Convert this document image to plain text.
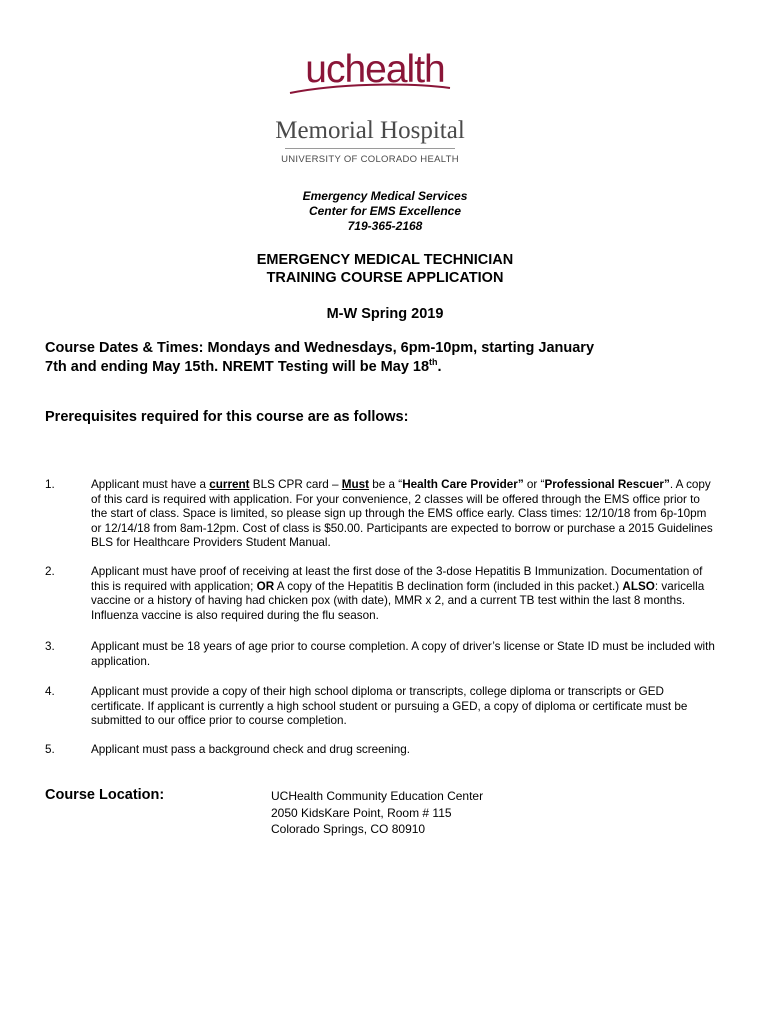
uchealth
Memorial Hospital
UNIVERSITY OF COLORADO HEALTH
Emergency Medical Services
Center for EMS Excellence
719-365-2168
EMERGENCY MEDICAL TECHNICIAN
TRAINING COURSE APPLICATION
M-W Spring 2019
Course Dates & Times: Mondays and Wednesdays, 6pm-10pm, starting January
7th and ending May 15th. NREMT Testing will be May 18th.
Prerequisites required for this course are as follows:
1.	Applicant must have a current BLS CPR card – Must be a “Health Care Provider” or “Professional Rescuer”. A copy of this card is required with application. For your convenience, 2 classes will be offered through the EMS office prior to the start of class. Space is limited, so please sign up through the EMS office early. Class times: 12/10/18 from 6p-10pm or 12/14/18 from 8am-12pm. Cost of class is $50.00. Participants are expected to borrow or purchase a 2015 Guidelines BLS for Healthcare Providers Student Manual.
2.	Applicant must have proof of receiving at least the first dose of the 3-dose Hepatitis B Immunization. Documentation of this is required with application; OR A copy of the Hepatitis B declination form (included in this packet.) ALSO: varicella vaccine or a history of having had chicken pox (with date), MMR x 2, and a current TB test within the last 8 months. Influenza vaccine is also required during the flu season.
3.	Applicant must be 18 years of age prior to course completion. A copy of driver’s license or State ID must be included with application.
4.	Applicant must provide a copy of their high school diploma or transcripts, college diploma or transcripts or GED certificate. If applicant is currently a high school student or pursuing a GED, a copy of diploma or certificate must be submitted to our office prior to course completion.
5.	Applicant must pass a background check and drug screening.
Course Location:	UCHealth Community Education Center
2050 KidsKare Point, Room # 115
Colorado Springs, CO 80910
